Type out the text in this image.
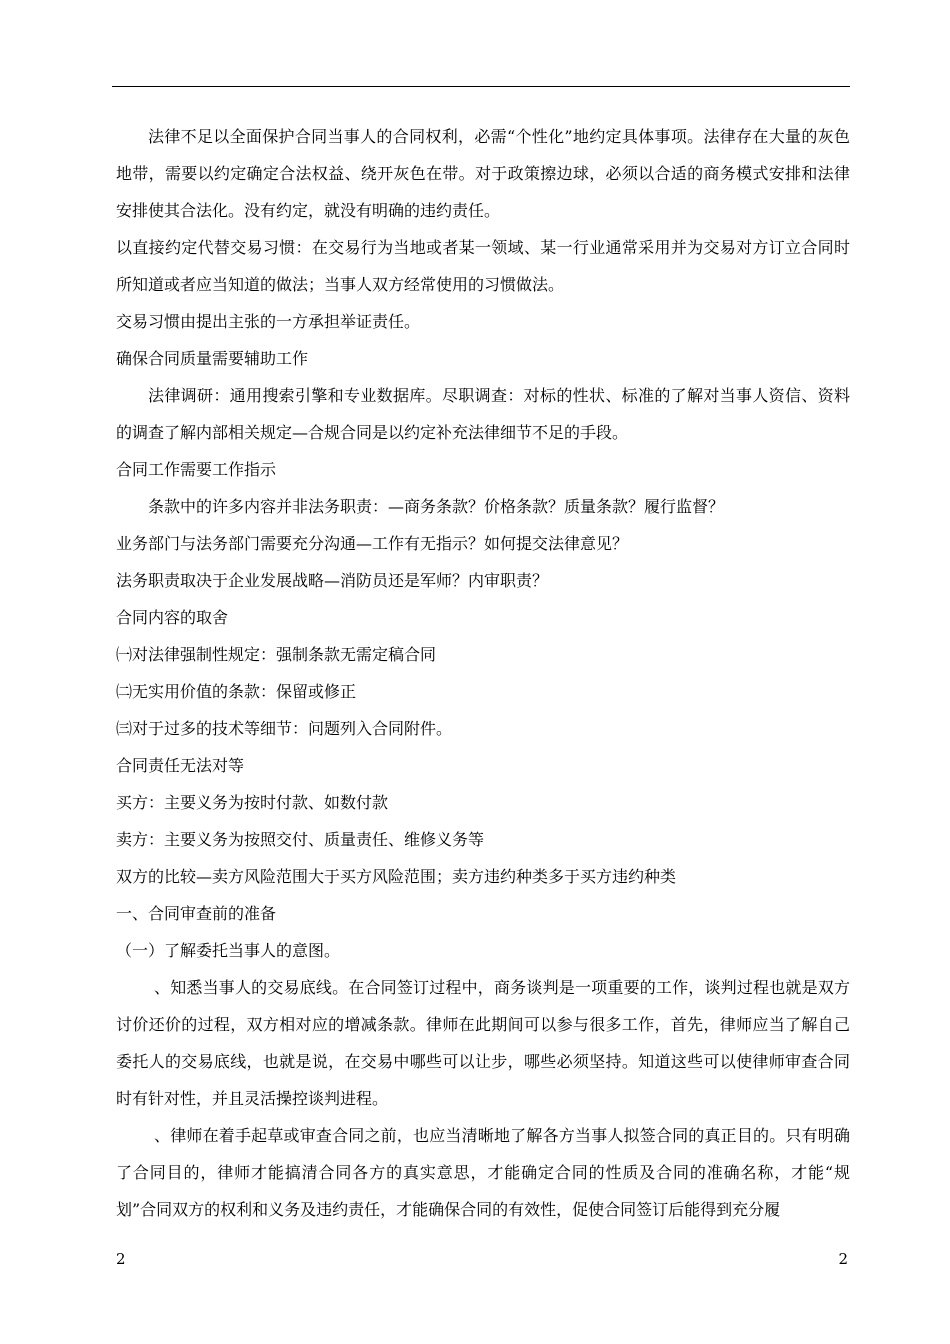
法律不足以全面保护合同当事人的合同权利，必需“个性化”地约定具体事项。法律存在大量的灰色地带，需要以约定确定合法权益、绕开灰色在带。对于政策擦边球，必须以合适的商务模式安排和法律安排使其合法化。没有约定，就没有明确的违约责任。

以直接约定代替交易习惯：在交易行为当地或者某一领域、某一行业通常采用并为交易对方订立合同时所知道或者应当知道的做法；当事人双方经常使用的习惯做法。

交易习惯由提出主张的一方承担举证责任。

确保合同质量需要辅助工作

法律调研：通用搜索引擎和专业数据库。尽职调查：对标的性状、标准的了解对当事人资信、资料的调查了解内部相关规定—合规合同是以约定补充法律细节不足的手段。

合同工作需要工作指示

条款中的许多内容并非法务职责：—商务条款？价格条款？质量条款？履行监督？

业务部门与法务部门需要充分沟通—工作有无指示？如何提交法律意见？

法务职责取决于企业发展战略—消防员还是军师？内审职责？

合同内容的取舍

㈠对法律强制性规定：强制条款无需定稿合同

㈡无实用价值的条款：保留或修正

㈢对于过多的技术等细节：问题列入合同附件。

合同责任无法对等

买方：主要义务为按时付款、如数付款

卖方：主要义务为按照交付、质量责任、维修义务等

双方的比较—卖方风险范围大于买方风险范围；卖方违约种类多于买方违约种类

一、合同审查前的准备

（一）了解委托当事人的意图。

、知悉当事人的交易底线。在合同签订过程中，商务谈判是一项重要的工作，谈判过程也就是双方讨价还价的过程，双方相对应的增减条款。律师在此期间可以参与很多工作，首先，律师应当了解自己委托人的交易底线，也就是说，在交易中哪些可以让步，哪些必须坚持。知道这些可以使律师审查合同时有针对性，并且灵活操控谈判进程。

、律师在着手起草或审查合同之前，也应当清晰地了解各方当事人拟签合同的真正目的。只有明确了合同目的，律师才能搞清合同各方的真实意思，才能确定合同的性质及合同的准确名称，才能“规划”合同双方的权利和义务及违约责任，才能确保合同的有效性，促使合同签订后能得到充分履

2	2
